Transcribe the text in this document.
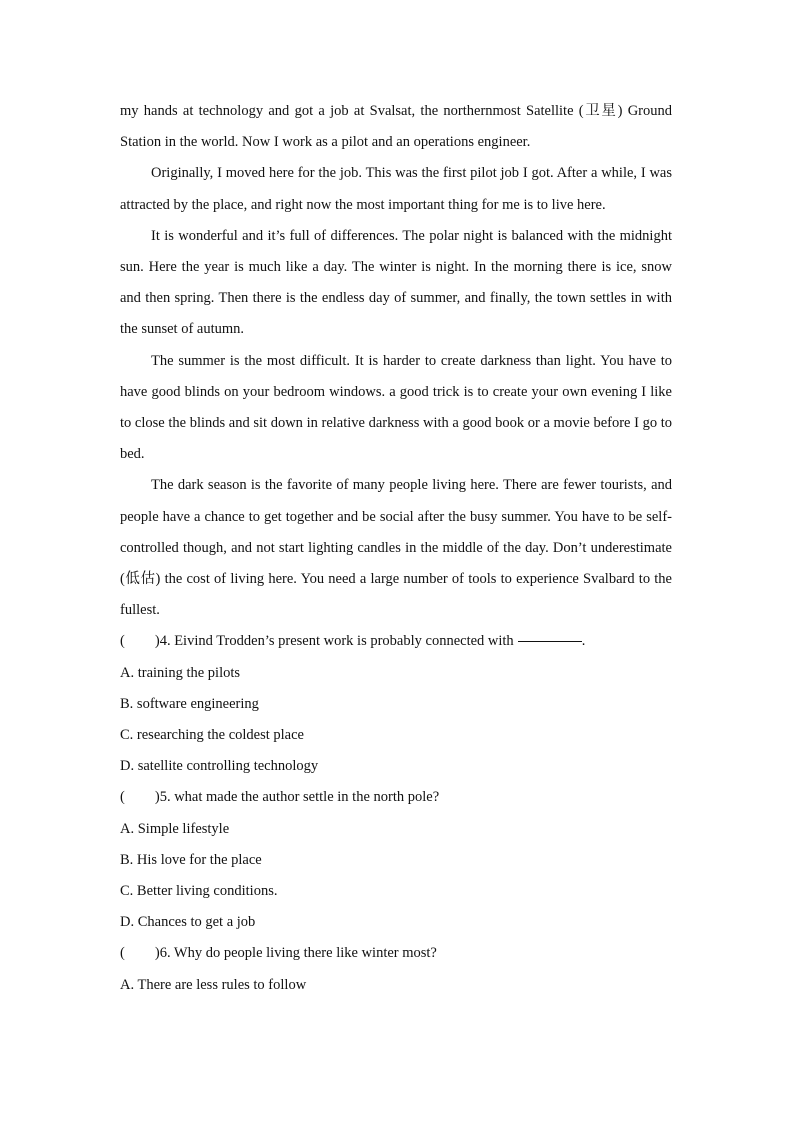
my hands at technology and got a job at Svalsat, the northernmost Satellite (卫星) Ground Station in the world. Now I work as a pilot and an operations engineer.

Originally, I moved here for the job. This was the first pilot job I got. After a while, I was attracted by the place, and right now the most important thing for me is to live here.

It is wonderful and it’s full of differences. The polar night is balanced with the midnight sun. Here the year is much like a day. The winter is night. In the morning there is ice, snow and then spring. Then there is the endless day of summer, and finally, the town settles in with the sunset of autumn.

The summer is the most difficult. It is harder to create darkness than light. You have to have good blinds on your bedroom windows. a good trick is to create your own evening I like to close the blinds and sit down in relative darkness with a good book or a movie before I go to bed.

The dark season is the favorite of many people living here. There are fewer tourists, and people have a chance to get together and be social after the busy summer. You have to be self-controlled though, and not start lighting candles in the middle of the day. Don’t underestimate (低估) the cost of living here. You need a large number of tools to experience Svalbard to the fullest.

( )4. Eivind Trodden’s present work is probably connected with	.
A. training the pilots
B. software engineering
C. researching the coldest place
D. satellite controlling technology
( )5. what made the author settle in the north pole?
A. Simple lifestyle
B. His love for the place
C. Better living conditions.
D. Chances to get a job
( )6. Why do people living there like winter most?
A. There are less rules to follow
